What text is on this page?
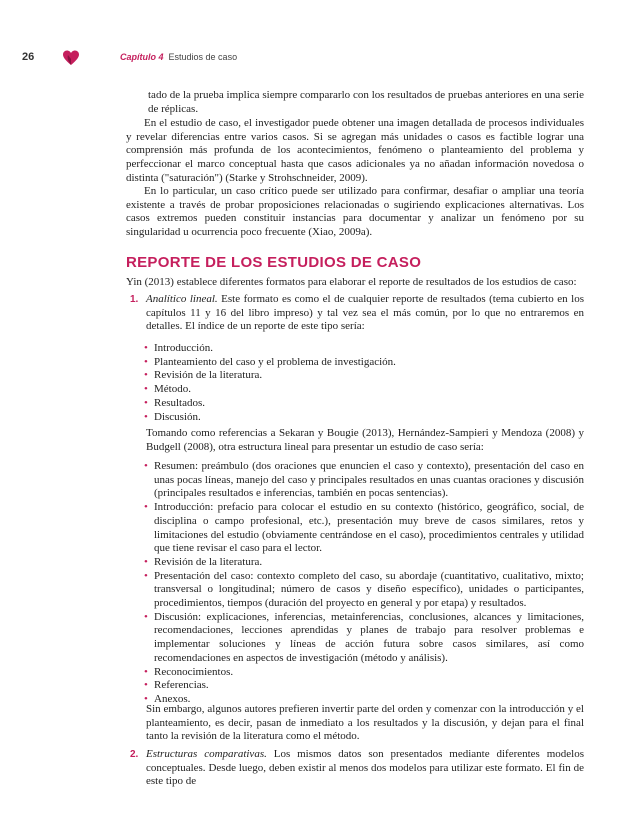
26	Capítulo 4 Estudios de caso

tado de la prueba implica siempre compararlo con los resultados de pruebas anteriores en una serie de réplicas.

En el estudio de caso, el investigador puede obtener una imagen detallada de procesos individuales y revelar diferencias entre varios casos. Si se agregan más unidades o casos es factible lograr una comprensión más profunda de los acontecimientos, fenómeno o planteamiento del problema y perfeccionar el marco conceptual hasta que casos adicionales ya no añadan información novedosa o distinta ("saturación") (Starke y Strohschneider, 2009).

En lo particular, un caso crítico puede ser utilizado para confirmar, desafiar o ampliar una teoría existente a través de probar proposiciones relacionadas o sugiriendo explicaciones alternativas. Los casos extremos pueden constituir instancias para documentar y analizar un fenómeno por su singularidad u ocurrencia poco frecuente (Xiao, 2009a).

REPORTE DE LOS ESTUDIOS DE CASO

Yin (2013) establece diferentes formatos para elaborar el reporte de resultados de los estudios de caso:

1. Analítico lineal. Este formato es como el de cualquier reporte de resultados (tema cubierto en los capítulos 11 y 16 del libro impreso) y tal vez sea el más común, por lo que no entraremos en detalles. El índice de un reporte de este tipo sería:

• Introducción.
• Planteamiento del caso y el problema de investigación.
• Revisión de la literatura.
• Método.
• Resultados.
• Discusión.

Tomando como referencias a Sekaran y Bougie (2013), Hernández-Sampieri y Mendoza (2008) y Budgell (2008), otra estructura lineal para presentar un estudio de caso sería:

• Resumen: preámbulo (dos oraciones que enuncien el caso y contexto), presentación del caso en unas pocas líneas, manejo del caso y principales resultados en unas cuantas oraciones y discusión (principales resultados e inferencias, también en pocas sentencias).
• Introducción: prefacio para colocar el estudio en su contexto (histórico, geográfico, social, de disciplina o campo profesional, etc.), presentación muy breve de casos similares, retos y limitaciones del estudio (obviamente centrándose en el caso), procedimientos centrales y utilidad que tiene revisar el caso para el lector.
• Revisión de la literatura.
• Presentación del caso: contexto completo del caso, su abordaje (cuantitativo, cualitativo, mixto; transversal o longitudinal; número de casos y diseño específico), unidades o participantes, procedimientos, tiempos (duración del proyecto en general y por etapa) y resultados.
• Discusión: explicaciones, inferencias, metainferencias, conclusiones, alcances y limitaciones, recomendaciones, lecciones aprendidas y planes de trabajo para resolver problemas e implementar soluciones y líneas de acción futura sobre casos similares, así como recomendaciones en aspectos de investigación (método y análisis).
• Reconocimientos.
• Referencias.
• Anexos.

Sin embargo, algunos autores prefieren invertir parte del orden y comenzar con la introducción y el planteamiento, es decir, pasan de inmediato a los resultados y la discusión, y dejan para el final tanto la revisión de la literatura como el método.

2. Estructuras comparativas. Los mismos datos son presentados mediante diferentes modelos conceptuales. Desde luego, deben existir al menos dos modelos para utilizar este formato. El fin de este tipo de
